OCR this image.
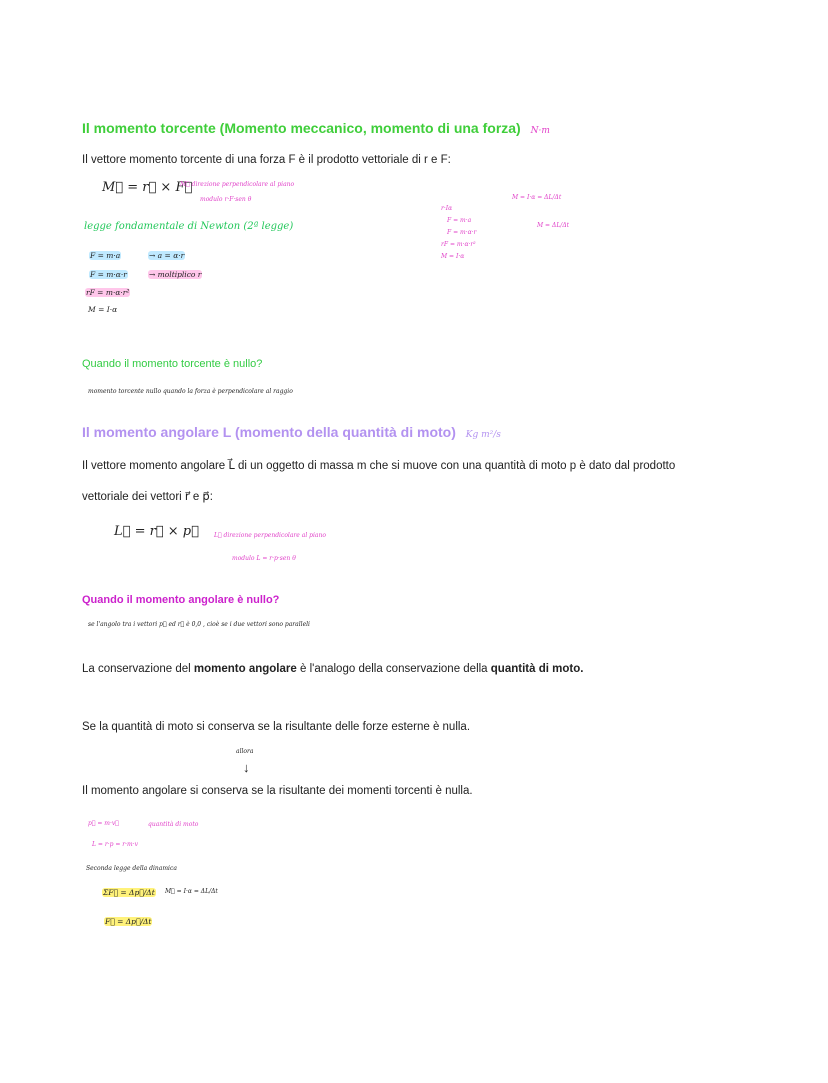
Il momento torcente (Momento meccanico, momento di una forza) N·m
Il vettore momento torcente di una forza F è il prodotto vettoriale di r e F:
M⃗ = r⃗ × F⃗
M⃗ direzione perpendicolare al piano
modulo r·F·sen θ
legge fondamentale di Newton (2ª legge)
F = m·a	→ a = α·r
F = m·α·r	→ moltiplico r
rF = m·α·r²
M = I·α
r·Iα
F = m·a
F = m·α·r
rF = m·α·r²
M = I·α
M = I·α = ΔL/Δt
M = ΔL/Δt
Quando il momento torcente è nullo?
momento torcente nullo quando la forza è perpendicolare al raggio
Il momento angolare L (momento della quantità di moto) Kg m²/s
Il vettore momento angolare L⃗ di un oggetto di massa m che si muove con una quantità di moto p è dato dal prodotto
vettoriale dei vettori r⃗ e p⃗:
L⃗ = r⃗ × p⃗	L⃗ direzione perpendicolare al piano
modulo L = r·p·sen θ
Quando il momento angolare è nullo?
se l'angolo tra i vettori p⃗ ed r⃗ è 0,0 , cioè se i due vettori sono paralleli
La conservazione del momento angolare è l'analogo della conservazione della quantità di moto.
Se la quantità di moto si conserva se la risultante delle forze esterne è nulla.
allora
↓
Il momento angolare si conserva se la risultante dei momenti torcenti è nulla.
p⃗ = m·v⃗	quantità di moto
L = r·p = r·m·v
Seconda legge della dinamica
ΣF⃗ = Δp⃗/Δt M⃗ = I·α = ΔL/Δt
F⃗ = Δp⃗/Δt
